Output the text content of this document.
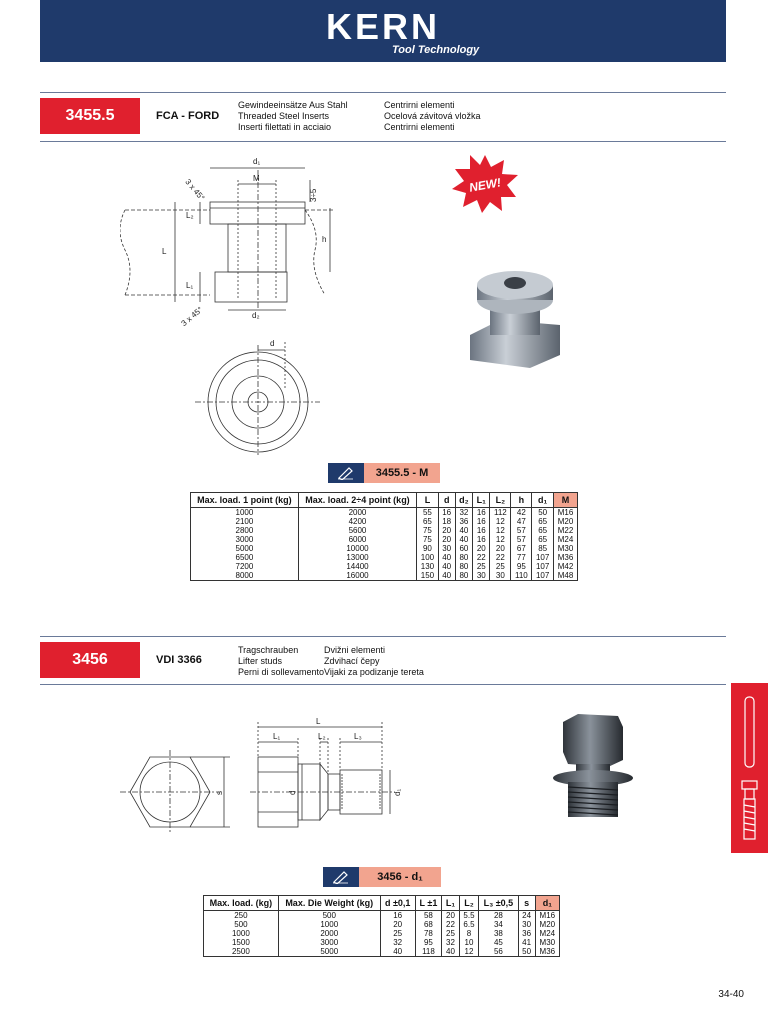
KERN
Tool Technology
3455.5	FCA - FORD
Gewindeeinsätze Aus Stahl
Threaded Steel Inserts
Inserti filettati in acciaio
Centrirni elementi
Ocelová závitová vložka
Centrirni elementi
d₁
M
3 x 45°	3÷5
L₂
L
h
L₁
3 x 45°	d₂
d
NEW!
3455.5 - M
Max. load. 1 point (kg)	Max. load. 2÷4 point (kg)	L	d	d₂	L₁	L₂	h	d₁	M
1000	2000	55	16	32	16	112	42	50	M16
2100	4200	65	18	36	16	12	47	65	M20
2800	5600	75	20	40	16	12	57	65	M22
3000	6000	75	20	40	16	12	57	65	M24
5000	10000	90	30	60	20	20	67	85	M30
6500	13000	100	40	80	22	22	77	107	M36
7200	14400	130	40	80	25	25	95	107	M42
8000	16000	150	40	80	30	30	110	107	M48
3456	VDI 3366
Tragschrauben
Lifter studs
Perni di sollevamento
Dvižni elementi
Zdvihací čepy
Vijaki za podizanje tereta
L
L₁	L₂	L₃
s	d	d₁
3456 - d₁
Max. load. (kg)	Max. Die Weight (kg)	d ±0,1	L ±1	L₁	L₂	L₃ ±0,5	s	d₁
250	500	16	58	20	5.5	28	24	M16
500	1000	20	68	22	6.5	34	30	M20
1000	2000	25	78	25	8	38	36	M24
1500	3000	32	95	32	10	45	41	M30
2500	5000	40	118	40	12	56	50	M36
34-40
